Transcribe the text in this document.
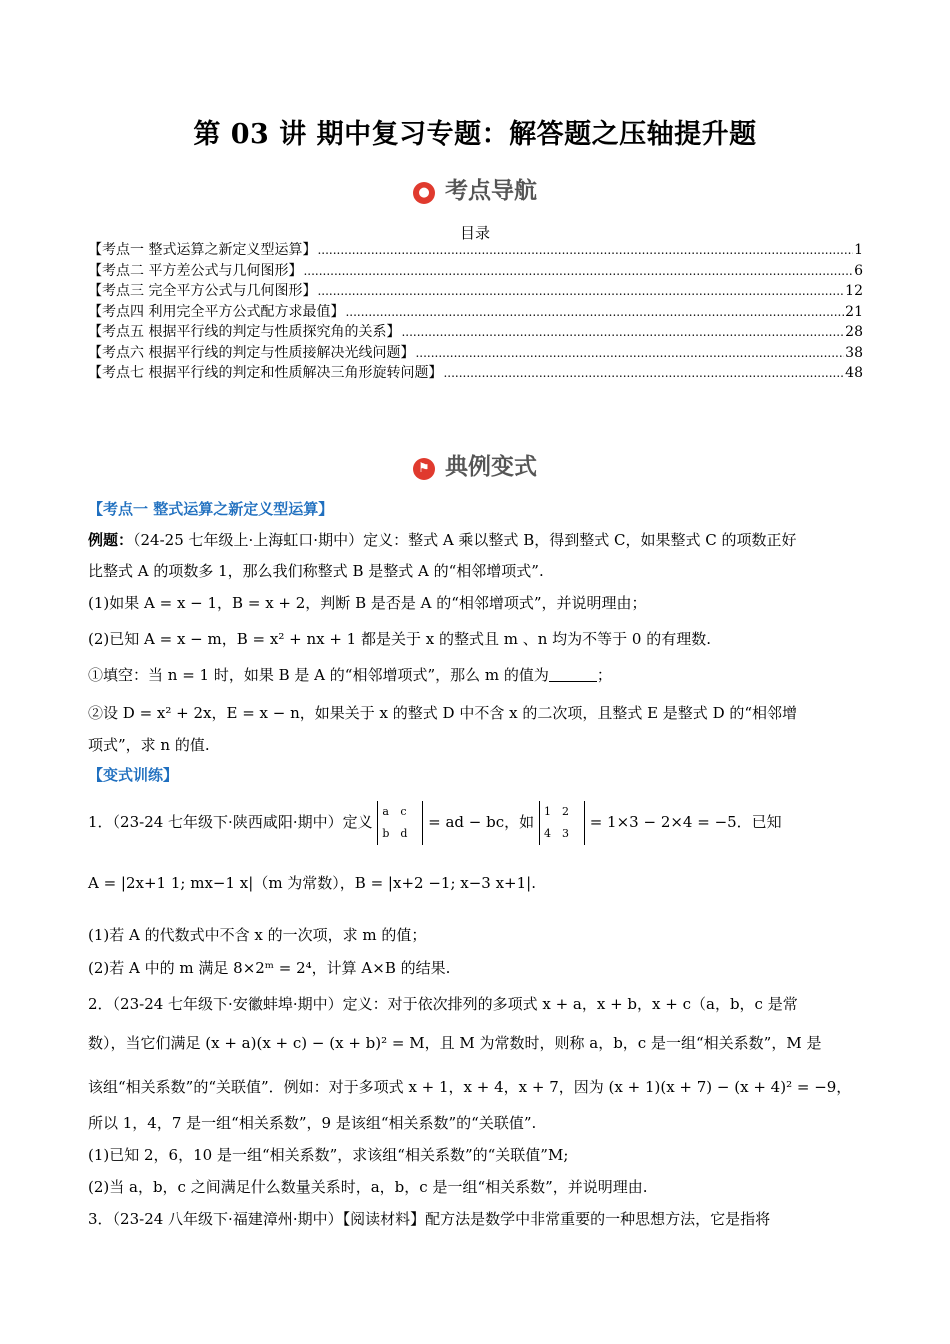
第 03 讲 期中复习专题：解答题之压轴提升题
● 考点导航
目录
【考点一 整式运算之新定义型运算】 .....	1
【考点二 平方差公式与几何图形】 .....	6
【考点三 完全平方公式与几何图形】 .....	12
【考点四 利用完全平方公式配方求最值】 .....	21
【考点五 根据平行线的判定与性质探究角的关系】 .....	28
【考点六 根据平行线的判定与性质接解决光线问题】 .....	38
【考点七 根据平行线的判定和性质解决三角形旋转问题】 .....	48
⚑ 典例变式
【考点一 整式运算之新定义型运算】
例题：（24-25 七年级上·上海虹口·期中）定义：整式 A 乘以整式 B，得到整式 C，如果整式 C 的项数正好
比整式 A 的项数多 1，那么我们称整式 B 是整式 A 的“相邻增项式”.
(1)如果 A = x − 1，B = x + 2，判断 B 是否是 A 的“相邻增项式”，并说明理由；
(2)已知 A = x − m，B = x² + nx + 1 都是关于 x 的整式且 m 、n 均为不等于 0 的有理数.
①填空：当 n = 1 时，如果 B 是 A 的“相邻增项式”，那么 m 的值为	；
②设 D = x² + 2x，E = x − n，如果关于 x 的整式 D 中不含 x 的二次项，且整式 E 是整式 D 的“相邻增
项式”，求 n 的值.
【变式训练】
1．（23-24 七年级下·陕西咸阳·期中）定义 a c
b d = ad − bc，如 1 2
4 3 = 1×3 − 2×4 = −5．已知
A = |2x+1 1; mx−1 x|（m 为常数），B = |x+2 −1; x−3 x+1|.
(1)若 A 的代数式中不含 x 的一次项，求 m 的值；
(2)若 A 中的 m 满足 8×2ᵐ = 2⁴，计算 A×B 的结果.
2．（23-24 七年级下·安徽蚌埠·期中）定义：对于依次排列的多项式 x + a，x + b，x + c（a，b，c 是常
数），当它们满足 (x + a)(x + c) − (x + b)² = M，且 M 为常数时，则称 a，b，c 是一组“相关系数”，M 是
该组“相关系数”的“关联值”．例如：对于多项式 x + 1，x + 4，x + 7，因为 (x + 1)(x + 7) − (x + 4)² = −9，
所以 1，4，7 是一组“相关系数”，9 是该组“相关系数”的“关联值”.
(1)已知 2，6，10 是一组“相关系数”，求该组“相关系数”的“关联值”M;
(2)当 a，b，c 之间满足什么数量关系时，a，b，c 是一组“相关系数”，并说明理由.
3．（23-24 八年级下·福建漳州·期中）【阅读材料】配方法是数学中非常重要的一种思想方法，它是指将
